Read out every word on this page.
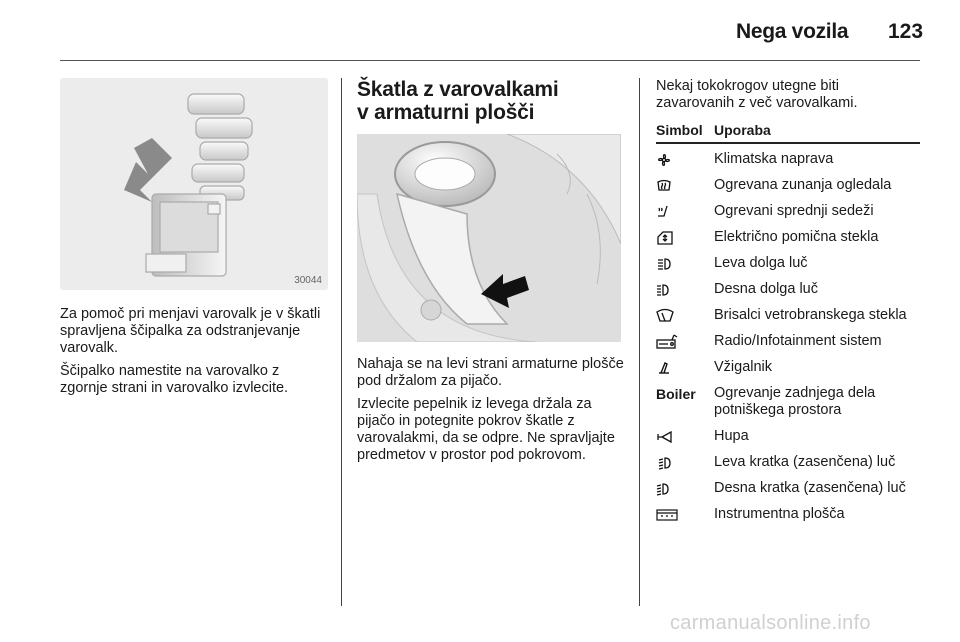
Nega vozila 123
30044

Za pomoč pri menjavi varovalk je v škatli spravljena ščipalka za odstranjevanje varovalk.

Ščipalko namestite na varovalko z zgornje strani in varovalko izvlecite.

Škatla z varovalkami
v armaturni plošči

Nahaja se na levi strani armaturne plošče pod držalom za pijačo.

Izvlecite pepelnik iz levega držala za pijačo in potegnite pokrov škatle z varovalakmi, da se odpre. Ne spravljajte predmetov v prostor pod pokrovom.

Nekaj tokokrogov utegne biti zavarovanih z več varovalkami.

Simbol Uporaba
Klimatska naprava
Ogrevana zunanja ogledala
Ogrevani sprednji sedeži
Električno pomična stekla
Leva dolga luč
Desna dolga luč
Brisalci vetrobranskega stekla
Radio/Infotainment sistem
Vžigalnik
Boiler Ogrevanje zadnjega dela potniškega prostora
Hupa
Leva kratka (zasenčena) luč
Desna kratka (zasenčena) luč
Instrumentna plošča
carmanualsonline.info
